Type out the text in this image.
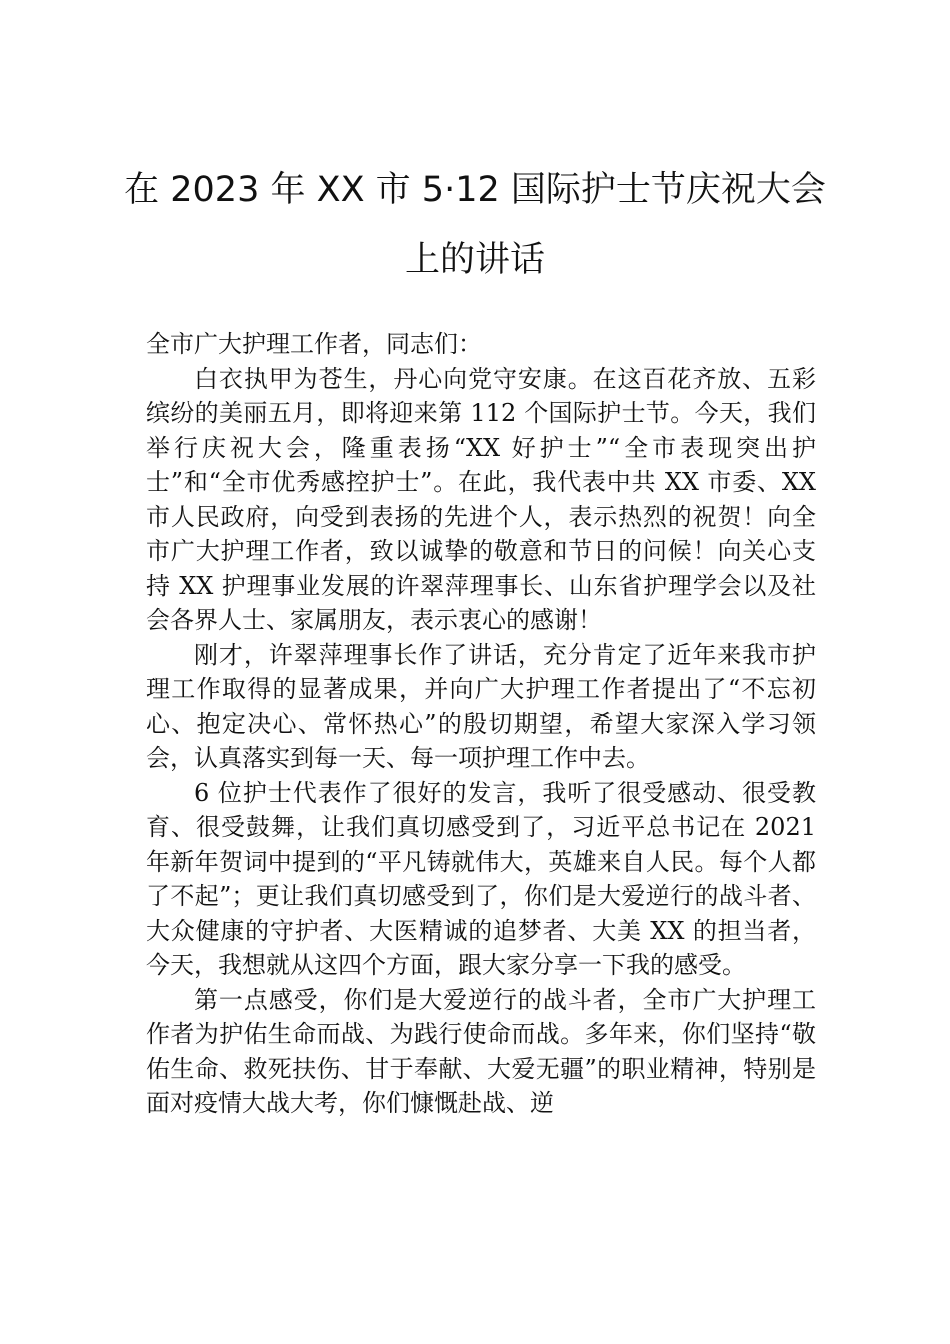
在 2023 年 XX 市 5·12 国际护士节庆祝大会
上的讲话

全市广大护理工作者，同志们：

白衣执甲为苍生，丹心向党守安康。在这百花齐放、五彩缤纷的美丽五月，即将迎来第 112 个国际护士节。今天，我们举行庆祝大会，隆重表扬“XX 好护士”“全市表现突出护士”和“全市优秀感控护士”。在此，我代表中共 XX 市委、XX 市人民政府，向受到表扬的先进个人，表示热烈的祝贺！向全市广大护理工作者，致以诚挚的敬意和节日的问候！向关心支持 XX 护理事业发展的许翠萍理事长、山东省护理学会以及社会各界人士、家属朋友，表示衷心的感谢！

刚才，许翠萍理事长作了讲话，充分肯定了近年来我市护理工作取得的显著成果，并向广大护理工作者提出了“不忘初心、抱定决心、常怀热心”的殷切期望，希望大家深入学习领会，认真落实到每一天、每一项护理工作中去。

6 位护士代表作了很好的发言，我听了很受感动、很受教育、很受鼓舞，让我们真切感受到了，习近平总书记在 2021 年新年贺词中提到的“平凡铸就伟大，英雄来自人民。每个人都了不起”；更让我们真切感受到了，你们是大爱逆行的战斗者、大众健康的守护者、大医精诚的追梦者、大美 XX 的担当者，今天，我想就从这四个方面，跟大家分享一下我的感受。

第一点感受，你们是大爱逆行的战斗者，全市广大护理工作者为护佑生命而战、为践行使命而战。多年来，你们坚持“敬佑生命、救死扶伤、甘于奉献、大爱无疆”的职业精神，特别是面对疫情大战大考，你们慷慨赴战、逆
